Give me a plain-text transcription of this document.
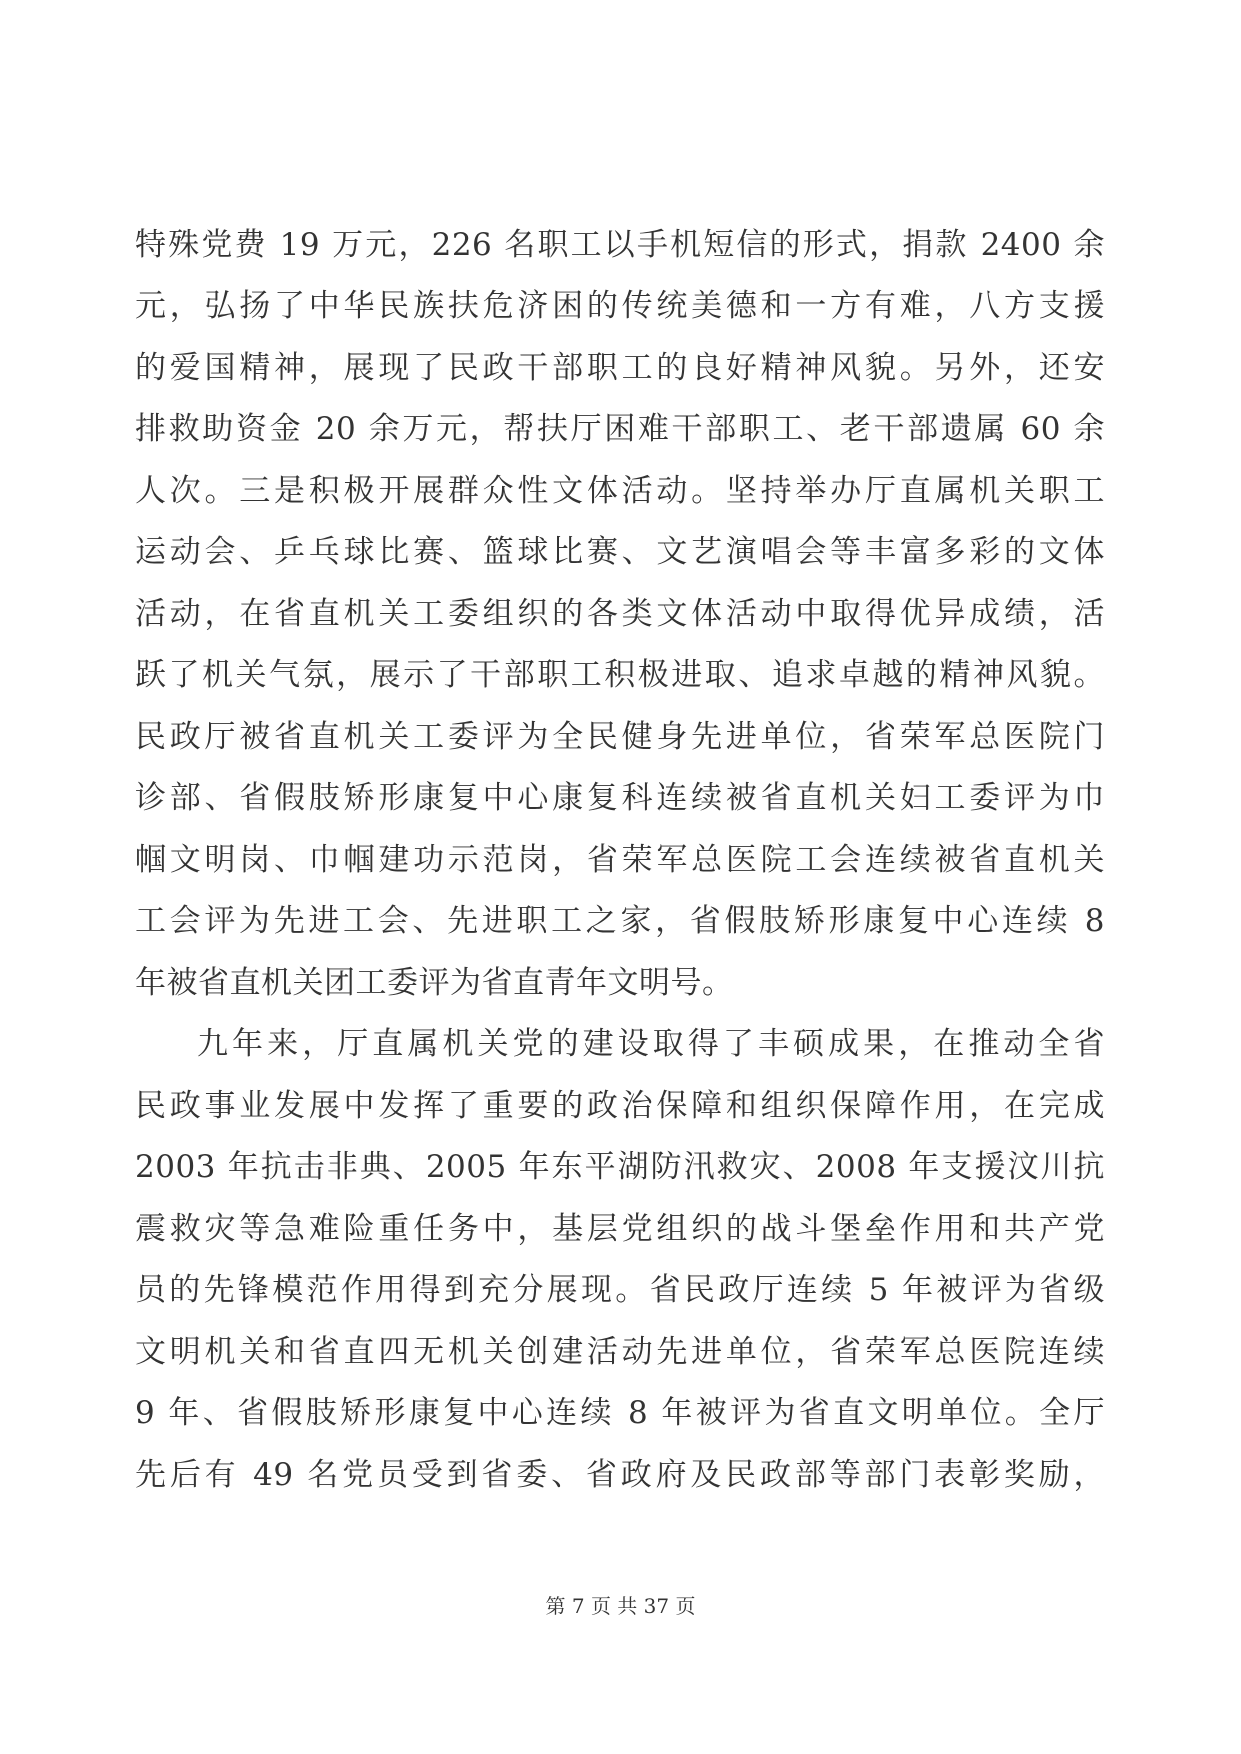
特殊党费 19 万元，226 名职工以手机短信的形式，捐款 2400 余
元，弘扬了中华民族扶危济困的传统美德和一方有难，八方支援
的爱国精神，展现了民政干部职工的良好精神风貌。另外，还安
排救助资金 20 余万元，帮扶厅困难干部职工、老干部遗属 60 余
人次。三是积极开展群众性文体活动。坚持举办厅直属机关职工
运动会、乒乓球比赛、篮球比赛、文艺演唱会等丰富多彩的文体
活动，在省直机关工委组织的各类文体活动中取得优异成绩，活
跃了机关气氛，展示了干部职工积极进取、追求卓越的精神风貌。
民政厅被省直机关工委评为全民健身先进单位，省荣军总医院门
诊部、省假肢矫形康复中心康复科连续被省直机关妇工委评为巾
帼文明岗、巾帼建功示范岗，省荣军总医院工会连续被省直机关
工会评为先进工会、先进职工之家，省假肢矫形康复中心连续 8
年被省直机关团工委评为省直青年文明号。
九年来，厅直属机关党的建设取得了丰硕成果，在推动全省
民政事业发展中发挥了重要的政治保障和组织保障作用，在完成
2003 年抗击非典、2005 年东平湖防汛救灾、2008 年支援汶川抗
震救灾等急难险重任务中，基层党组织的战斗堡垒作用和共产党
员的先锋模范作用得到充分展现。省民政厅连续 5 年被评为省级
文明机关和省直四无机关创建活动先进单位，省荣军总医院连续
9 年、省假肢矫形康复中心连续 8 年被评为省直文明单位。全厅
先后有 49 名党员受到省委、省政府及民政部等部门表彰奖励，
第 7 页 共 37 页
